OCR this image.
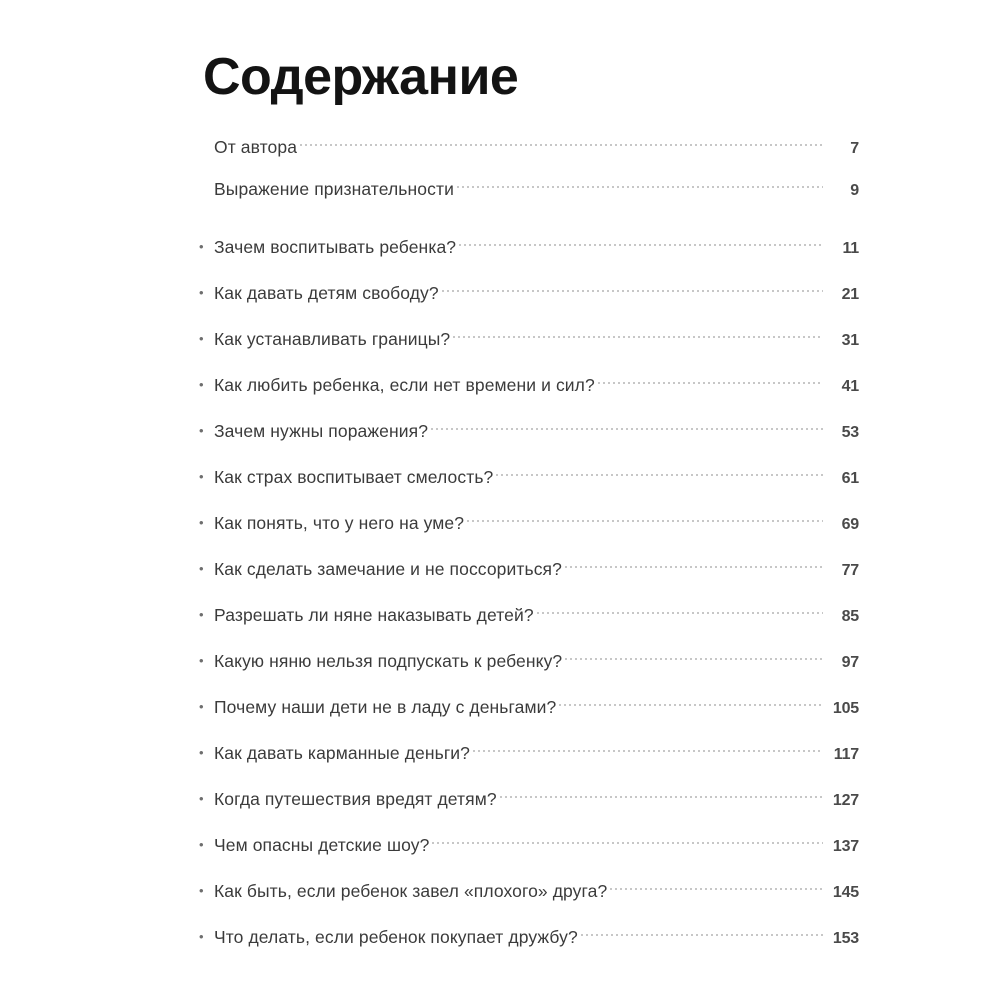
Содержание
От автора	7
Выражение признательности	9
• Зачем воспитывать ребенка?	11
• Как давать детям свободу?	21
• Как устанавливать границы?	31
• Как любить ребенка, если нет времени и сил?	41
• Зачем нужны поражения?	53
• Как страх воспитывает смелость?	61
• Как понять, что у него на уме?	69
• Как сделать замечание и не поссориться?	77
• Разрешать ли няне наказывать детей?	85
• Какую няню нельзя подпускать к ребенку?	97
• Почему наши дети не в ладу с деньгами?	105
• Как давать карманные деньги?	117
• Когда путешествия вредят детям?	127
• Чем опасны детские шоу?	137
• Как быть, если ребенок завел «плохого» друга?	145
• Что делать, если ребенок покупает дружбу?	153
